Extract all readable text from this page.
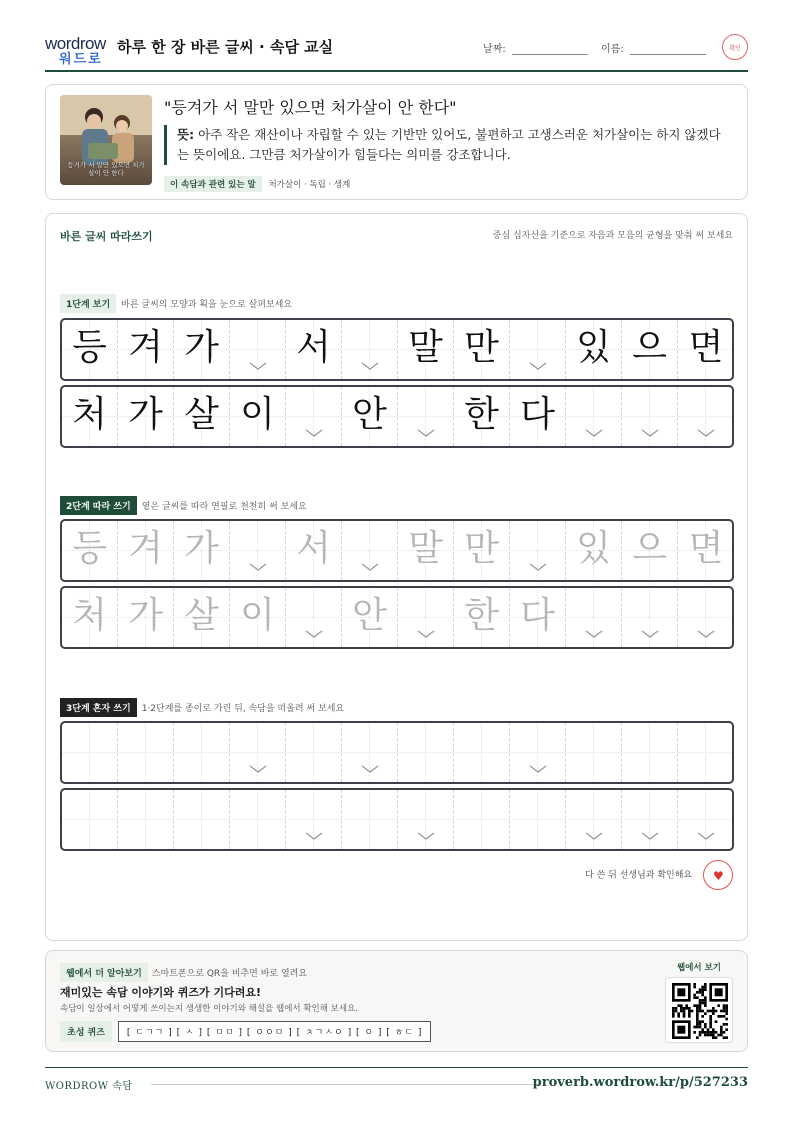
wordrow
워드로
하루 한 장 바른 글씨 · 속담 교실	날짜:	이름:	확인
등겨가 서 말만 있으면 처가살이 안 한다
"등겨가 서 말만 있으면 처가살이 안 한다"
뜻: 아주 작은 재산이나 자립할 수 있는 기반만 있어도, 불편하고 고생스러운 처가살이는 하지 않겠다는 뜻이에요. 그만큼 처가살이가 힘들다는 의미를 강조합니다.
이 속담과 관련 있는 말 처가살이 · 독립 · 생계
바른 글씨 따라쓰기	중심 십자선을 기준으로 자음과 모음의 균형을 맞춰 써 보세요
1단계 보기 바른 글씨의 모양과 획을 눈으로 살펴보세요
등 겨 가 서 말 만 있 으 면
처 가 살 이 안 한 다
2단계 따라 쓰기 옅은 글씨를 따라 연필로 천천히 써 보세요
등 겨 가 서 말 만 있 으 면
처 가 살 이 안 한 다
3단계 혼자 쓰기 1·2단계를 종이로 가린 뒤, 속담을 떠올려 써 보세요
다 쓴 뒤 선생님과 확인해요 ♥
웹에서 더 알아보기 스마트폰으로 QR을 비추면 바로 열려요
재미있는 속담 이야기와 퀴즈가 기다려요!
속담이 일상에서 어떻게 쓰이는지 생생한 이야기와 해설을 웹에서 확인해 보세요.
초성 퀴즈 [ ㄷㄱㄱ ] [ ㅅ ] [ ㅁㅁ ] [ ㅇㅇㅁ ] [ ㅊㄱㅅㅇ ] [ ㅇ ] [ ㅎㄷ ]
웹에서 보기
WORDROW 속담	proverb.wordrow.kr/p/527233
